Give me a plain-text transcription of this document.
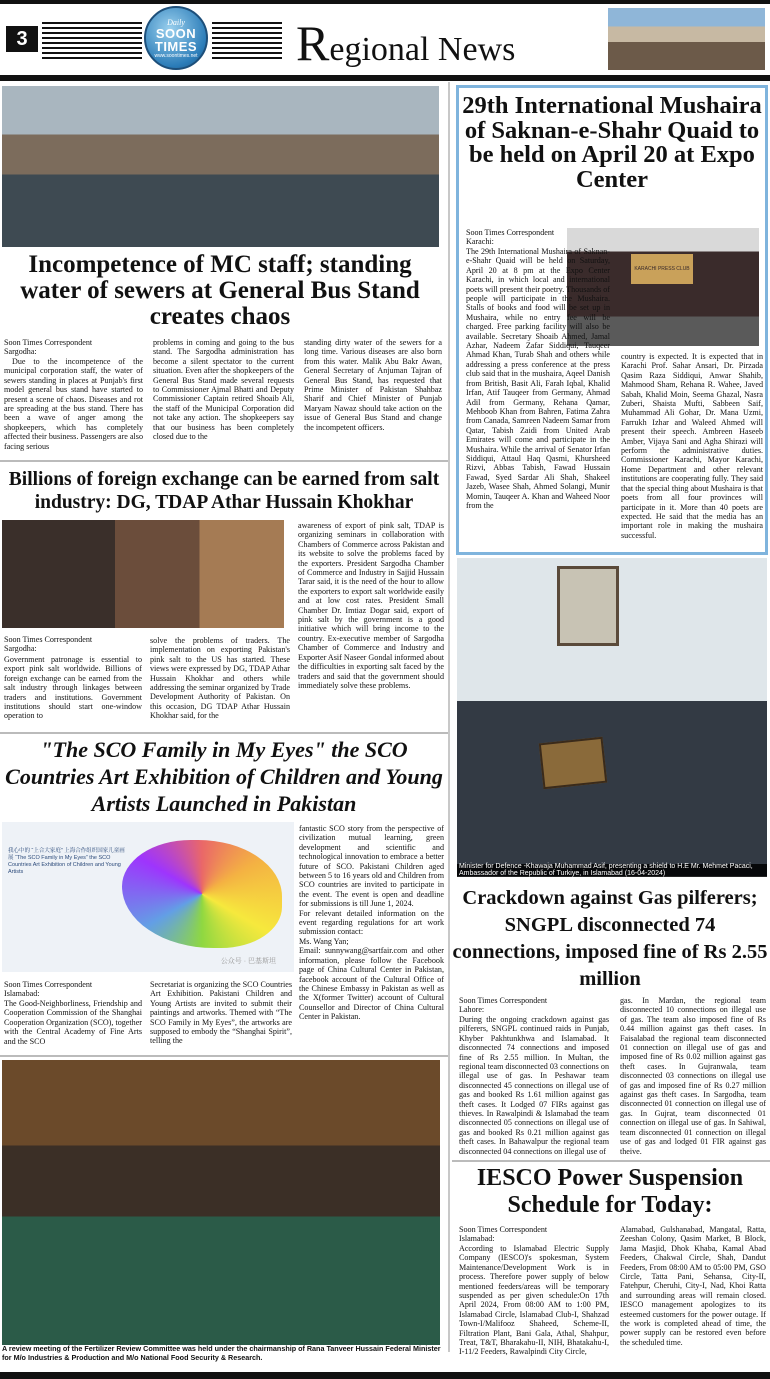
3
Daily
SOON TIMES
www.soontimes.net Regional News
Incompetence of MC staff; standing water of sewers at General Bus Stand creates chaos
Soon Times Correspondent
Sargodha:
Due to the incompetence of the municipal corporation staff, the water of sewers standing in places at Punjab's first model general bus stand have started to present a scene of chaos. Diseases and rot are spreading at the bus stand. There has been a wave of anger among the shopkeepers, which has completely affected their business. Passengers are also facing serious
problems in coming and going to the bus stand. The Sargodha administration has become a silent spectator to the current situation. Even after the shopkeepers of the General Bus Stand made several requests to Commissioner Ajmal Bhatti and Deputy Commissioner Captain retired Shoaib Ali, the staff of the Municipal Corporation did not take any action. The shopkeepers say that our business has been completely closed due to the
standing dirty water of the sewers for a long time. Various diseases are also born from this water. Malik Abu Bakr Awan, General Secretary of Anjuman Tajran of General Bus Stand, has requested that Prime Minister of Pakistan Shahbaz Sharif and Chief Minister of Punjab Maryam Nawaz should take action on the issue of General Bus Stand and change the incompetent officers.
Billions of foreign exchange can be earned from salt industry: DG, TDAP Athar Hussain Khokhar
awareness of export of pink salt, TDAP is organizing seminars in collaboration with Chambers of Commerce across Pakistan and its website to solve the problems faced by the exporters. President Sargodha Chamber of Commerce and Industry in Sajjid Hussain Tarar said, it is the need of the hour to allow the exporters to export salt worldwide easily and at low cost rates. President Small Chamber Dr. Imtiaz Dogar said, export of pink salt by the government is a good initiative which will bring income to the country. Ex-executive member of Sargodha Chamber of Commerce and Industry and Exporter Asif Naseer Gondal informed about the difficulties in exporting salt faced by the traders and said that the government should immediately solve these problems.
Soon Times Correspondent
Sargodha:
Government patronage is essential to export pink salt worldwide. Billions of foreign exchange can be earned from the salt industry through linkages between traders and institutions. Government institutions should start one-window operation to
solve the problems of traders. The implementation on exporting Pakistan's pink salt to the US has started. These views were expressed by DG, TDAP Athar Hussain Khokhar and others while addressing the seminar organized by Trade Development Authority of Pakistan. On this occasion, DG TDAP Athar Hussain Khokhar said, for the
"The SCO Family in My Eyes" the SCO Countries Art Exhibition of Children and Young Artists Launched in Pakistan
我心中的 “上合大家庭” 上海合作组织国家儿童画展 “The SCO Family in My Eyes” the SCO Countries Art Exhibition of Children and Young Artists
公众号 · 巴基斯坦

fantastic SCO story from the perspective of civilization mutual learning, green development and scientific and technological innovation to embrace a better future of SCO. Pakistani Children aged between 5 to 16 years old and Children from SCO countries are invited to participate in the event. The event is open and deadline for submissions is till June 1, 2024.

For relevant detailed information on the event regarding regulations for art work submission contact:

Ms. Wang Yan;

Email: sunnywang@sartfair.com and other information, please follow the Facebook page of China Cultural Center in Pakistan, facebook account of the Cultural Office of the Chinese Embassy in Pakistan as well as the X(former Twitter) account of Cultural Counsellor and Director of China Cultural Center in Pakistan.

Soon Times Correspondent
Islamabad:
The Good-Neighborliness, Friendship and Cooperation Commission of the Shanghai Cooperation Organization (SCO), together with the Central Academy of Fine Arts and the SCO
Secretariat is organizing the SCO Countries Art Exhibition. Pakistani Children and Young Artists are invited to submit their paintings and artworks. Themed with “The SCO Family in My Eyes”, the artworks are supposed to embody the “Shanghai Spirit”, telling the
A review meeting of the Fertilizer Review Committee was held under the chairmanship of Rana Tanveer Hussain Federal Minister for M/o Industries & Production and M/o National Food Security & Research.
29th International Mushaira of Saknan-e-Shahr Quaid to be held on April 20 at Expo Center
Soon Times Correspondent
Karachi:
KARACHI PRESS CLUB
The 29th International Mushaira of Saknan-e-Shahr Quaid will be held on Saturday, April 20 at 8 pm at the Expo Center Karachi, in which local and international poets will present their poetry. Thousands of people will participate in the Mushaira. Stalls of books and food will be set up in Mushaira, while no entry fee will be charged. Free parking facility will also be available. Secretary Shoaib Ahmed, Jamal Azhar, Nadeem Zafar Siddiqui, Tauqeer Ahmad Khan, Turab Shah and others while addressing a press conference at the press club said that in the mushaira, Aqeel Danish from British, Basit Ali, Farah Iqbal, Khalid Irfan, Atif Tauqeer from Germany, Ahmad Adil from Germany, Rehana Qamar, Mehboob Khan from Bahren, Fatima Zahra from Canada, Samreen Nadeem Samar from Qatar, Tabish Zaidi from United Arab Emirates will come and participate in the Mushaira. While the arrival of Senator Irfan Siddiqui, Attaul Haq Qasmi, Khursheed Rizvi, Abbas Tabish, Fawad Hussain Fawad, Syed Sardar Ali Shah, Shakeel Jazeb, Wasee Shah, Ahmed Solangi, Munir Momin, Tauqeer A. Khan and Waheed Noor from the
country is expected. It is expected that in Karachi Prof. Sahar Ansari, Dr. Pirzada Qasim Raza Siddiqui, Anwar Shahib, Mahmood Sham, Rehana R. Wahee, Javed Sabah, Khalid Moin, Seema Ghazal, Nasra Zuberi, Shaista Mufti, Sabbeen Saif, Muhammad Ali Gohar, Dr. Mana Uzmi, Farrukh Izhar and Waleed Ahmed will present their speech. Ambreen Haseeb Amber, Vijaya Sani and Agha Shirazi will perform the administrative duties. Commissioner Karachi, Mayor Karachi, Home Department and other relevant institutions are cooperating fully. They said that the special thing about Mushaira is that poets from all four provinces will participate in it. More than 40 poets are expected. He said that the media has an important role in making the mushaira successful.
Minister for Defence -Khawaja Muhammad Asif, presenting a shield to H.E Mr. Mehmet Pacaci, Ambassador of the Republic of Turkiye, in Islamabad (16-04-2024)
Crackdown against Gas pilferers; SNGPL disconnected 74 connections, imposed fine of Rs 2.55 million
Soon Times Correspondent
Lahore:
During the ongoing crackdown against gas pilferers, SNGPL continued raids in Punjab, Khyber Pakhtunkhwa and Islamabad. It disconnected 74 connections and imposed fine of Rs 2.55 million. In Multan, the regional team disconnected 03 connections on illegal use of gas. In Peshawar team disconnected 45 connections on illegal use of gas and booked Rs 1.61 million against gas theft cases. It Lodged 07 FIRs against gas thieves. In Rawalpindi & Islamabad the team disconnected 05 connections on illegal use of gas and booked Rs 0.21 million against gas theft cases. In Bahawalpur the regional team disconnected 04 connections on illegal use of
gas. In Mardan, the regional team disconnected 10 connections on illegal use of gas. The team also imposed fine of Rs 0.44 million against gas theft cases. In Faisalabad the regional team disconnected 01 connection on illegal use of gas and imposed fine of Rs 0.02 million against gas theft cases. In Gujranwala, team disconnected 03 connections on illegal use of gas and imposed fine of Rs 0.27 million against gas theft cases. In Sargodha, team disconnected 01 connection on illegal use of gas. In Gujrat, team disconnected 01 connection on illegal use of gas. In Sahiwal, team disconnected 01 connection on illegal use of gas and lodged 01 FIR against gas theive.
IESCO Power Suspension Schedule for Today:
Soon Times Correspondent
Islamabad:
According to Islamabad Electric Supply Company (IESCO)'s spokesman, System Maintenance/Development Work is in process. Therefore power supply of below mentioned feeders/areas will be temporary suspended as per given schedule:On 17th April 2024, From 08:00 AM to 1:00 PM, Islamabad Circle, Islamabad Club-I, Shahzad Town-I/Malifooz Shaheed, Scheme-II, Filtration Plant, Bani Gala, Athal, Shahpur, Treat, T&T, Bharakahu-II, NIH, Bhatakahu-I, I-11/2 Feeders, Rawalpindi City Circle,
Alamabad, Gulshanabad, Mangatal, Ratta, Zeeshan Colony, Qasim Market, B Block, Jama Masjid, Dhok Khaba, Kamal Abad Feeders, Chakwal Circle, Shah, Dandut Feeders, From 08:00 AM to 05:00 PM, GSO Circle, Tatta Pani, Sehansa, City-II, Fatehpur, Cheruhi, City-I, Nad, Khoi Ratta and surrounding areas will remain closed. IESCO management apologizes to its esteemed customers for the power outage. If the work is completed ahead of time, the power supply can be restored even before the scheduled time.
